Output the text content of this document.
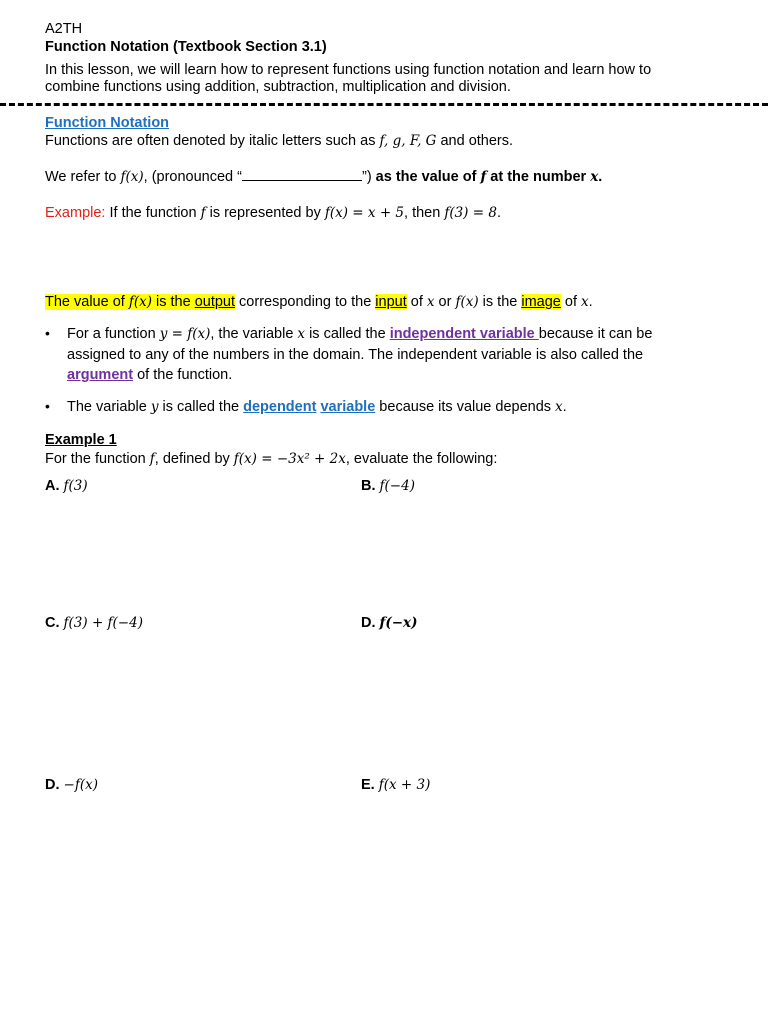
A2TH
Function Notation (Textbook Section 3.1)
In this lesson, we will learn how to represent functions using function notation and learn how to
combine functions using addition, subtraction, multiplication and division.
Function Notation
Functions are often denoted by italic letters such as f, g, F, G and others.
We refer to f(x), (pronounced “	”) as the value of f at the number x.
Example: If the function f is represented by f(x) = x + 5, then f(3) = 8.
The value of f(x) is the output corresponding to the input of x or f(x) is the image of x.
• For a function y = f(x), the variable x is called the independent variable because it can be
assigned to any of the numbers in the domain. The independent variable is also called the
argument of the function.
• The variable y is called the dependent variable because its value depends x.
Example 1
For the function f, defined by f(x) = −3x² + 2x, evaluate the following:
A. f(3)	B. f(−4)
C. f(3) + f(−4)	D. f(−x)
D. −f(x)	E. f(x + 3)
